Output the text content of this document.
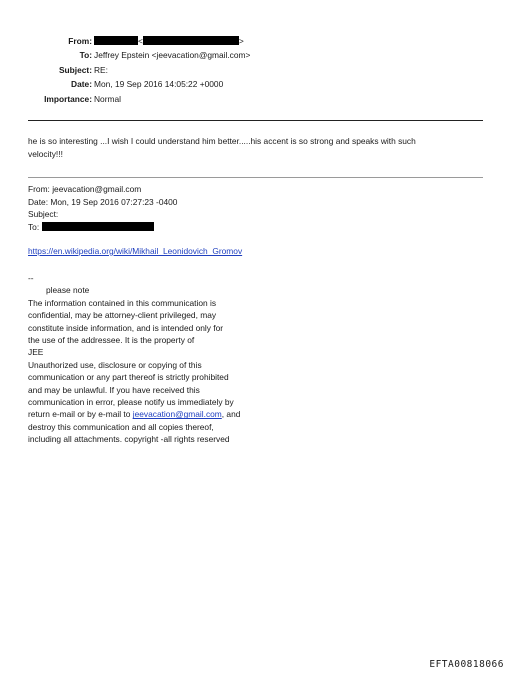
From:	<	>
To: Jeffrey Epstein <jeevacation@gmail.com>
Subject: RE:
Date: Mon, 19 Sep 2016 14:05:22 +0000
Importance: Normal
he is so interesting ...I wish I could understand him better.....his accent is so strong and speaks with such
velocity!!!
From: jeevacation@gmail.com
Date: Mon, 19 Sep 2016 07:27:23 -0400
Subject:
To:
https://en.wikipedia.org/wiki/Mikhail_Leonidovich_Gromov
--
please note
The information contained in this communication is
confidential, may be attorney-client privileged, may
constitute inside information, and is intended only for
the use of the addressee. It is the property of
JEE
Unauthorized use, disclosure or copying of this
communication or any part thereof is strictly prohibited
and may be unlawful. If you have received this
communication in error, please notify us immediately by
return e-mail or by e-mail to jeevacation@gmail.com, and
destroy this communication and all copies thereof,
including all attachments. copyright -all rights reserved
EFTA00818066
